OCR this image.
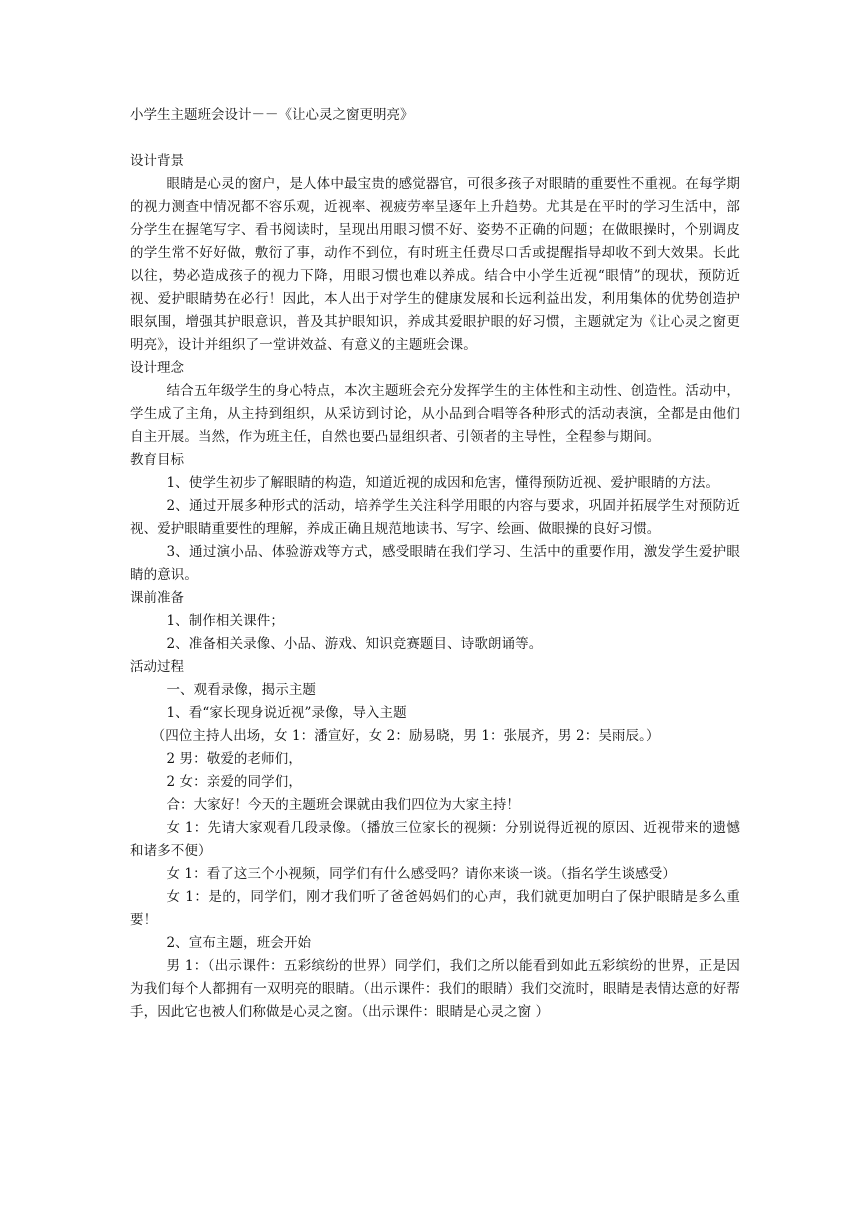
小学生主题班会设计－－《让心灵之窗更明亮》
设计背景

眼睛是心灵的窗户，是人体中最宝贵的感觉器官，可很多孩子对眼睛的重要性不重视。在每学期的视力测查中情况都不容乐观，近视率、视疲劳率呈逐年上升趋势。尤其是在平时的学习生活中，部分学生在握笔写字、看书阅读时，呈现出用眼习惯不好、姿势不正确的问题；在做眼操时，个别调皮的学生常不好好做，敷衍了事，动作不到位，有时班主任费尽口舌或提醒指导却收不到大效果。长此以往，势必造成孩子的视力下降，用眼习惯也难以养成。结合中小学生近视“眼情”的现状，预防近视、爱护眼睛势在必行！因此，本人出于对学生的健康发展和长远利益出发，利用集体的优势创造护眼氛围，增强其护眼意识，普及其护眼知识，养成其爱眼护眼的好习惯，主题就定为《让心灵之窗更明亮》，设计并组织了一堂讲效益、有意义的主题班会课。

设计理念

结合五年级学生的身心特点，本次主题班会充分发挥学生的主体性和主动性、创造性。活动中，学生成了主角，从主持到组织，从采访到讨论，从小品到合唱等各种形式的活动表演，全都是由他们自主开展。当然，作为班主任，自然也要凸显组织者、引领者的主导性，全程参与期间。

教育目标

1、使学生初步了解眼睛的构造，知道近视的成因和危害，懂得预防近视、爱护眼睛的方法。

2、通过开展多种形式的活动，培养学生关注科学用眼的内容与要求，巩固并拓展学生对预防近视、爱护眼睛重要性的理解，养成正确且规范地读书、写字、绘画、做眼操的良好习惯。

3、通过演小品、体验游戏等方式，感受眼睛在我们学习、生活中的重要作用，激发学生爱护眼睛的意识。

课前准备

1、制作相关课件；

2、准备相关录像、小品、游戏、知识竞赛题目、诗歌朗诵等。

活动过程

一、观看录像，揭示主题

1、看“家长现身说近视”录像，导入主题

（四位主持人出场，女 1：潘宣好，女 2：励易晓，男 1：张展齐，男 2：吴雨辰。）

2 男：敬爱的老师们，

2 女：亲爱的同学们，

合：大家好！今天的主题班会课就由我们四位为大家主持！

女 1：先请大家观看几段录像。（播放三位家长的视频：分别说得近视的原因、近视带来的遗憾和诸多不便）

女 1：看了这三个小视频，同学们有什么感受吗？请你来谈一谈。（指名学生谈感受）

女 1：是的，同学们，刚才我们听了爸爸妈妈们的心声，我们就更加明白了保护眼睛是多么重要！

2、宣布主题，班会开始

男 1：（出示课件：五彩缤纷的世界）同学们，我们之所以能看到如此五彩缤纷的世界，正是因为我们每个人都拥有一双明亮的眼睛。（出示课件：我们的眼睛）我们交流时，眼睛是表情达意的好帮手，因此它也被人们称做是心灵之窗。（出示课件：眼睛是心灵之窗 ）
